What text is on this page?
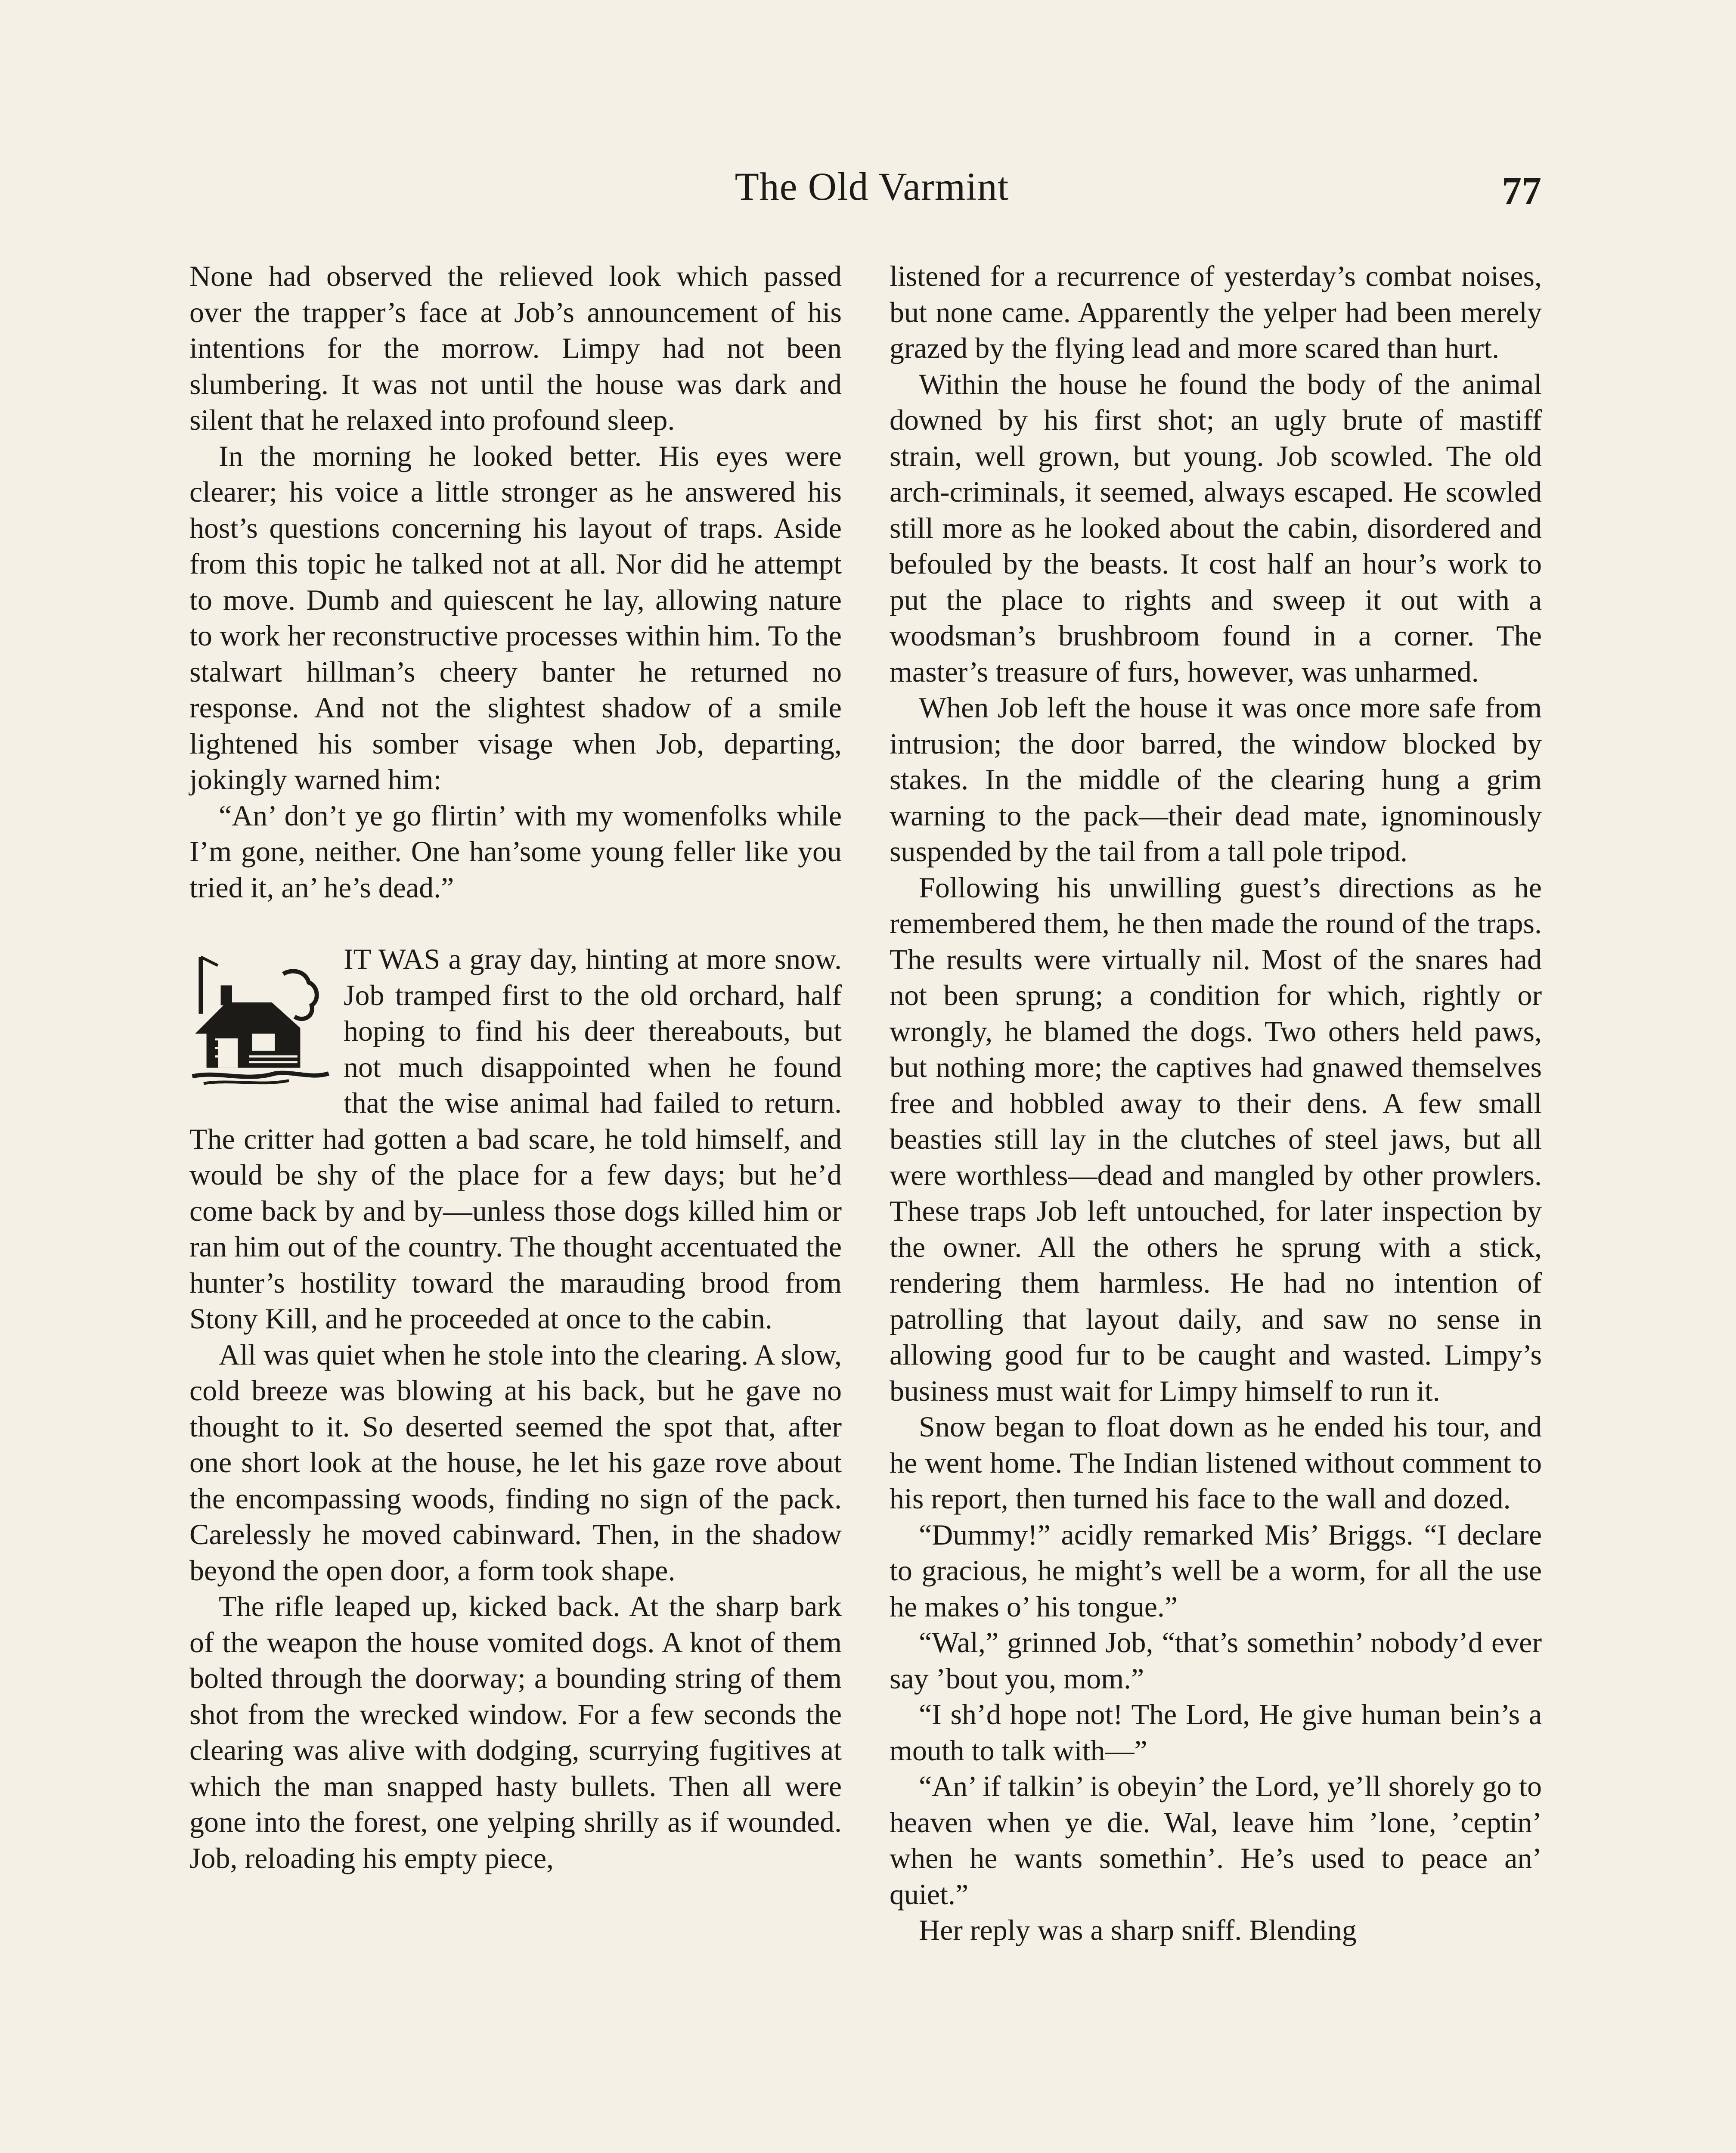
The Old Varmint	77

None had observed the relieved look which passed over the trapper’s face at Job’s announcement of his intentions for the morrow. Limpy had not been slumbering. It was not until the house was dark and silent that he relaxed into profound sleep.

In the morning he looked better. His eyes were clearer; his voice a little stronger as he answered his host’s questions concerning his layout of traps. Aside from this topic he talked not at all. Nor did he attempt to move. Dumb and quiescent he lay, allowing nature to work her reconstructive processes within him. To the stalwart hillman’s cheery banter he returned no response. And not the slightest shadow of a smile lightened his somber visage when Job, departing, jokingly warned him:

“An’ don’t ye go flirtin’ with my womenfolks while I’m gone, neither. One han’some young feller like you tried it, an’ he’s dead.”

IT WAS a gray day, hinting at more snow. Job tramped first to the old orchard, half hoping to find his deer thereabouts, but not much disappointed when he found that the wise animal had failed to return. The critter had gotten a bad scare, he told himself, and would be shy of the place for a few days; but he’d come back by and by—unless those dogs killed him or ran him out of the country. The thought accentuated the hunter’s hostility toward the marauding brood from Stony Kill, and he proceeded at once to the cabin.

All was quiet when he stole into the clearing. A slow, cold breeze was blowing at his back, but he gave no thought to it. So deserted seemed the spot that, after one short look at the house, he let his gaze rove about the encompassing woods, finding no sign of the pack. Carelessly he moved cabinward. Then, in the shadow beyond the open door, a form took shape.

The rifle leaped up, kicked back. At the sharp bark of the weapon the house vomited dogs. A knot of them bolted through the doorway; a bounding string of them shot from the wrecked window. For a few seconds the clearing was alive with dodging, scurrying fugitives at which the man snapped hasty bullets. Then all were gone into the forest, one yelping shrilly as if wounded. Job, reloading his empty piece,

listened for a recurrence of yesterday’s combat noises, but none came. Apparently the yelper had been merely grazed by the flying lead and more scared than hurt.

Within the house he found the body of the animal downed by his first shot; an ugly brute of mastiff strain, well grown, but young. Job scowled. The old arch-criminals, it seemed, always escaped. He scowled still more as he looked about the cabin, disordered and befouled by the beasts. It cost half an hour’s work to put the place to rights and sweep it out with a woodsman’s brushbroom found in a corner. The master’s treasure of furs, however, was unharmed.

When Job left the house it was once more safe from intrusion; the door barred, the window blocked by stakes. In the middle of the clearing hung a grim warning to the pack—their dead mate, ignominously suspended by the tail from a tall pole tripod.

Following his unwilling guest’s directions as he remembered them, he then made the round of the traps. The results were virtually nil. Most of the snares had not been sprung; a condition for which, rightly or wrongly, he blamed the dogs. Two others held paws, but nothing more; the captives had gnawed themselves free and hobbled away to their dens. A few small beasties still lay in the clutches of steel jaws, but all were worthless—dead and mangled by other prowlers. These traps Job left untouched, for later inspection by the owner. All the others he sprung with a stick, rendering them harmless. He had no intention of patrolling that layout daily, and saw no sense in allowing good fur to be caught and wasted. Limpy’s business must wait for Limpy himself to run it.

Snow began to float down as he ended his tour, and he went home. The Indian listened without comment to his report, then turned his face to the wall and dozed.

“Dummy!” acidly remarked Mis’ Briggs. “I declare to gracious, he might’s well be a worm, for all the use he makes o’ his tongue.”

“Wal,” grinned Job, “that’s somethin’ nobody’d ever say ’bout you, mom.”

“I sh’d hope not! The Lord, He give human bein’s a mouth to talk with—”

“An’ if talkin’ is obeyin’ the Lord, ye’ll shorely go to heaven when ye die. Wal, leave him ’lone, ’ceptin’ when he wants somethin’. He’s used to peace an’ quiet.”

Her reply was a sharp sniff. Blending
